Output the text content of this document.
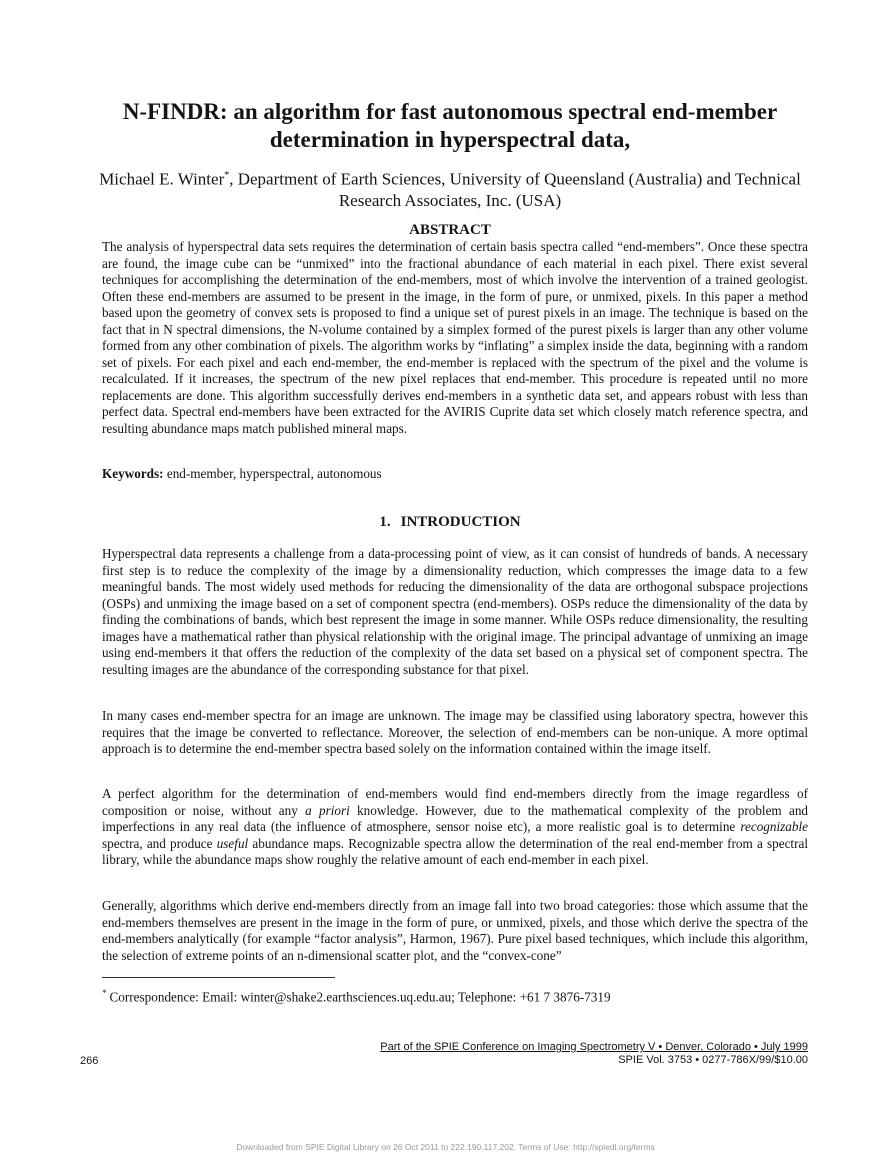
N-FINDR: an algorithm for fast autonomous spectral end-member
determination in hyperspectral data,
Michael E. Winter*, Department of Earth Sciences, University of Queensland (Australia) and Technical
Research Associates, Inc. (USA)
ABSTRACT

The analysis of hyperspectral data sets requires the determination of certain basis spectra called “end-members”. Once these spectra are found, the image cube can be “unmixed” into the fractional abundance of each material in each pixel. There exist several techniques for accomplishing the determination of the end-members, most of which involve the intervention of a trained geologist. Often these end-members are assumed to be present in the image, in the form of pure, or unmixed, pixels. In this paper a method based upon the geometry of convex sets is proposed to find a unique set of purest pixels in an image. The technique is based on the fact that in N spectral dimensions, the N-volume contained by a simplex formed of the purest pixels is larger than any other volume formed from any other combination of pixels. The algorithm works by “inflating” a simplex inside the data, beginning with a random set of pixels. For each pixel and each end-member, the end-member is replaced with the spectrum of the pixel and the volume is recalculated. If it increases, the spectrum of the new pixel replaces that end-member. This procedure is repeated until no more replacements are done. This algorithm successfully derives end-members in a synthetic data set, and appears robust with less than perfect data. Spectral end-members have been extracted for the AVIRIS Cuprite data set which closely match reference spectra, and resulting abundance maps match published mineral maps.

Keywords: end-member, hyperspectral, autonomous
1. INTRODUCTION

Hyperspectral data represents a challenge from a data-processing point of view, as it can consist of hundreds of bands. A necessary first step is to reduce the complexity of the image by a dimensionality reduction, which compresses the image data to a few meaningful bands. The most widely used methods for reducing the dimensionality of the data are orthogonal subspace projections (OSPs) and unmixing the image based on a set of component spectra (end-members). OSPs reduce the dimensionality of the data by finding the combinations of bands, which best represent the image in some manner. While OSPs reduce dimensionality, the resulting images have a mathematical rather than physical relationship with the original image. The principal advantage of unmixing an image using end-members it that offers the reduction of the complexity of the data set based on a physical set of component spectra. The resulting images are the abundance of the corresponding substance for that pixel.

In many cases end-member spectra for an image are unknown. The image may be classified using laboratory spectra, however this requires that the image be converted to reflectance. Moreover, the selection of end-members can be non-unique. A more optimal approach is to determine the end-member spectra based solely on the information contained within the image itself.

A perfect algorithm for the determination of end-members would find end-members directly from the image regardless of composition or noise, without any a priori knowledge. However, due to the mathematical complexity of the problem and imperfections in any real data (the influence of atmosphere, sensor noise etc), a more realistic goal is to determine recognizable spectra, and produce useful abundance maps. Recognizable spectra allow the determination of the real end-member from a spectral library, while the abundance maps show roughly the relative amount of each end-member in each pixel.

Generally, algorithms which derive end-members directly from an image fall into two broad categories: those which assume that the end-members themselves are present in the image in the form of pure, or unmixed, pixels, and those which derive the spectra of the end-members analytically (for example “factor analysis”, Harmon, 1967). Pure pixel based techniques, which include this algorithm, the selection of extreme points of an n-dimensional scatter plot, and the “convex-cone”

* Correspondence: Email: winter@shake2.earthsciences.uq.edu.au; Telephone: +61 7 3876-7319
Part of the SPIE Conference on Imaging Spectrometry V • Denver, Colorado • July 1999
SPIE Vol. 3753 • 0277-786X/99/$10.00
266
Downloaded from SPIE Digital Library on 26 Oct 2011 to 222.190.117.202. Terms of Use: http://spiedl.org/terms
